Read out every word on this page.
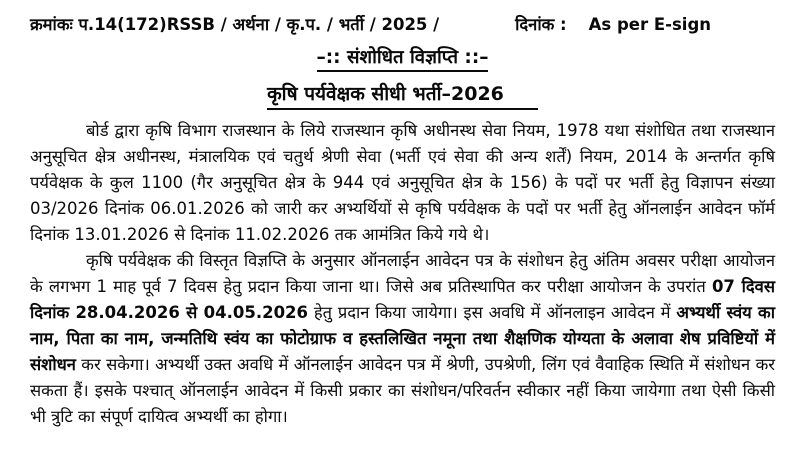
क्रमांकः प.14(172)RSSB / अर्थना / कृ.प. / भर्ती / 2025 /	दिनांक : As per E-sign
–:: संशोधित विज्ञप्ति ::–
कृषि पर्यवेक्षक सीधी भर्ती–2026

बोर्ड द्वारा कृषि विभाग राजस्थान के लिये राजस्थान कृषि अधीनस्थ सेवा नियम, 1978 यथा संशोधित तथा राजस्थान अनुसूचित क्षेत्र अधीनस्थ, मंत्रालयिक एवं चतुर्थ श्रेणी सेवा (भर्ती एवं सेवा की अन्य शर्तें) नियम, 2014 के अन्तर्गत कृषि पर्यवेक्षक के कुल 1100 (गैर अनुसूचित क्षेत्र के 944 एवं अनुसूचित क्षेत्र के 156) के पदों पर भर्ती हेतु विज्ञापन संख्या 03/2026 दिनांक 06.01.2026 को जारी कर अभ्यर्थियों से कृषि पर्यवेक्षक के पदों पर भर्ती हेतु ऑनलाईन आवेदन फॉर्म दिनांक 13.01.2026 से दिनांक 11.02.2026 तक आमंत्रित किये गये थे।

कृषि पर्यवेक्षक की विस्तृत विज्ञप्ति के अनुसार ऑनलाईन आवेदन पत्र के संशोधन हेतु अंतिम अवसर परीक्षा आयोजन के लगभग 1 माह पूर्व 7 दिवस हेतु प्रदान किया जाना था। जिसे अब प्रतिस्थापित कर परीक्षा आयोजन के उपरांत 07 दिवस दिनांक 28.04.2026 से 04.05.2026 हेतु प्रदान किया जायेगा। इस अवधि में ऑनलाइन आवेदन में अभ्यर्थी स्वंय का नाम, पिता का नाम, जन्मतिथि स्वंय का फोटोग्राफ व हस्तलिखित नमूना तथा शैक्षणिक योग्यता के अलावा शेष प्रविष्टियों में संशोधन कर सकेगा। अभ्यर्थी उक्त अवधि में ऑनलाईन आवेदन पत्र में श्रेणी, उपश्रेणी, लिंग एवं वैवाहिक स्थिति में संशोधन कर सकता हैं। इसके पश्चात् ऑनलाईन आवेदन में किसी प्रकार का संशोधन/परिवर्तन स्वीकार नहीं किया जायेगाा तथा ऐसी किसी भी त्रुटि का संपूर्ण दायित्व अभ्यर्थी का होगा।
